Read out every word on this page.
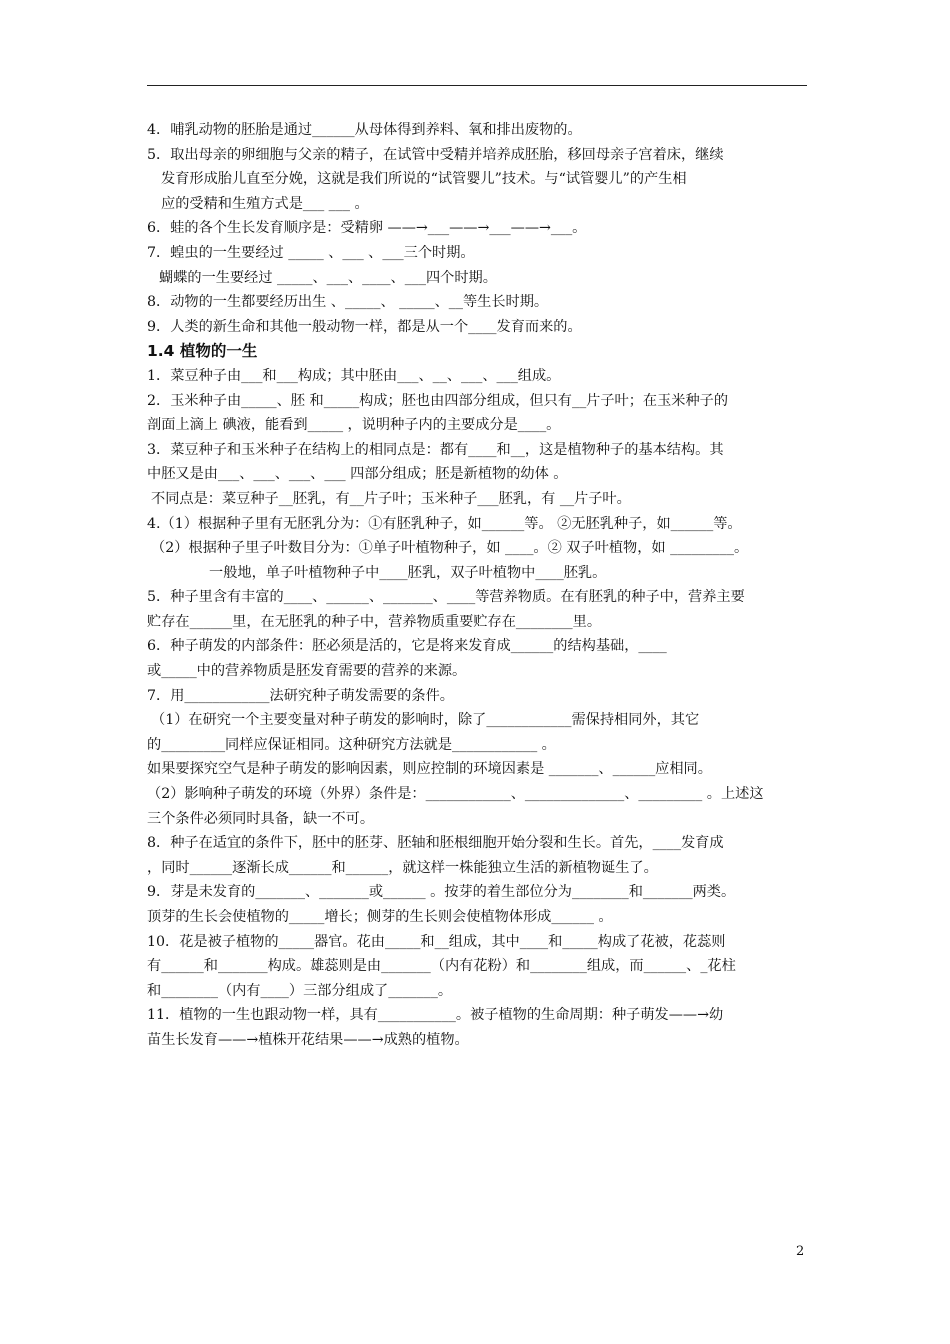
4．哺乳动物的胚胎是通过______从母体得到养料、氧和排出废物的。
5．取出母亲的卵细胞与父亲的精子，在试管中受精并培养成胚胎，移回母亲子宫着床，继续
发育形成胎儿直至分娩，这就是我们所说的“试管婴儿”技术。与“试管婴儿”的产生相
应的受精和生殖方式是___ ___ 。
6．蛙的各个生长发育顺序是：受精卵 ——→___——→___——→___。
7．蝗虫的一生要经过 _____ 、___ 、___三个时期。
蝴蝶的一生要经过 _____、___、____、___四个时期。
8．动物的一生都要经历出生 、_____、 _____、__等生长时期。
9．人类的新生命和其他一般动物一样，都是从一个____发育而来的。
1.4 植物的一生
1．菜豆种子由___和___构成；其中胚由___、__、___、___组成。
2．玉米种子由_____、胚 和_____构成；胚也由四部分组成，但只有__片子叶；在玉米种子的
剖面上滴上 碘液，能看到_____ ，说明种子内的主要成分是____。
3．菜豆种子和玉米种子在结构上的相同点是：都有____和__，这是植物种子的基本结构。其
中胚又是由___、___、___、___ 四部分组成；胚是新植物的幼体 。
不同点是：菜豆种子__胚乳，有__片子叶；玉米种子___胚乳，有 __片子叶。
4.（1）根据种子里有无胚乳分为：①有胚乳种子，如______等。 ②无胚乳种子，如______等。
（2）根据种子里子叶数目分为：①单子叶植物种子，如 ____。② 双子叶植物，如 _________。
一般地，单子叶植物种子中____胚乳，双子叶植物中____胚乳。
5．种子里含有丰富的____、______、_______、____等营养物质。在有胚乳的种子中，营养主要
贮存在______里，在无胚乳的种子中，营养物质重要贮存在________里。
6．种子萌发的内部条件：胚必须是活的，它是将来发育成______的结构基础，____
或_____中的营养物质是胚发育需要的营养的来源。
7．用____________法研究种子萌发需要的条件。
（1）在研究一个主要变量对种子萌发的影响时，除了____________需保持相同外，其它
的_________同样应保证相同。这种研究方法就是____________ 。
如果要探究空气是种子萌发的影响因素，则应控制的环境因素是 _______、______应相同。
（2）影响种子萌发的环境（外界）条件是：____________、______________、_________ 。上述这
三个条件必须同时具备，缺一不可。
8．种子在适宜的条件下，胚中的胚芽、胚轴和胚根细胞开始分裂和生长。首先，____发育成
，同时______逐渐长成______和______，就这样一株能独立生活的新植物诞生了。
9．芽是未发育的_______、_______或______ 。按芽的着生部位分为________和_______两类。
顶芽的生长会使植物的_____增长；侧芽的生长则会使植物体形成______ 。
10．花是被子植物的_____器官。花由_____和__组成，其中____和_____构成了花被，花蕊则
有______和_______构成。雄蕊则是由_______（内有花粉）和________组成，而______、_花柱
和________（内有____）三部分组成了_______。
11．植物的一生也跟动物一样，具有___________。被子植物的生命周期：种子萌发——→幼
苗生长发育——→植株开花结果——→成熟的植物。
2
